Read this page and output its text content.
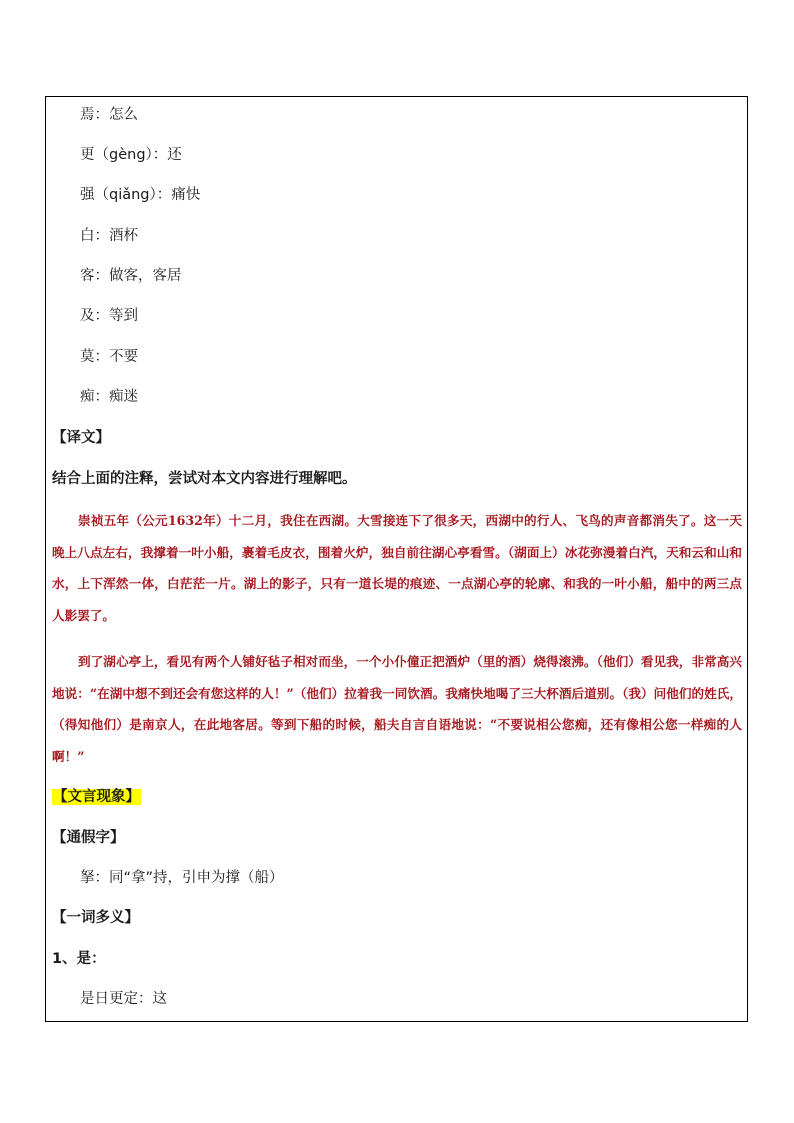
焉：怎么
更（gèng）：还
强（qiǎng）：痛快
白：酒杯
客：做客，客居
及：等到
莫：不要
痴：痴迷
【译文】
结合上面的注释，尝试对本文内容进行理解吧。
崇祯五年（公元1632年）十二月，我住在西湖。大雪接连下了很多天，西湖中的行人、飞鸟的声音都消失了。这一天晚上八点左右，我撑着一叶小船，裹着毛皮衣，围着火炉，独自前往湖心亭看雪。（湖面上）冰花弥漫着白汽，天和云和山和水，上下浑然一体，白茫茫一片。湖上的影子，只有一道长堤的痕迹、一点湖心亭的轮廓、和我的一叶小船，船中的两三点人影罢了。
到了湖心亭上，看见有两个人铺好毡子相对而坐，一个小仆僮正把酒炉（里的酒）烧得滚沸。（他们）看见我，非常高兴地说：“在湖中想不到还会有您这样的人！”（他们）拉着我一同饮酒。我痛快地喝了三大杯酒后道别。（我）问他们的姓氏，（得知他们）是南京人，在此地客居。等到下船的时候，船夫自言自语地说：“不要说相公您痴，还有像相公您一样痴的人啊！”
【文言现象】
【通假字】
拏：同“拿”持，引申为撑（船）
【一词多义】
1、是：
是日更定：这
